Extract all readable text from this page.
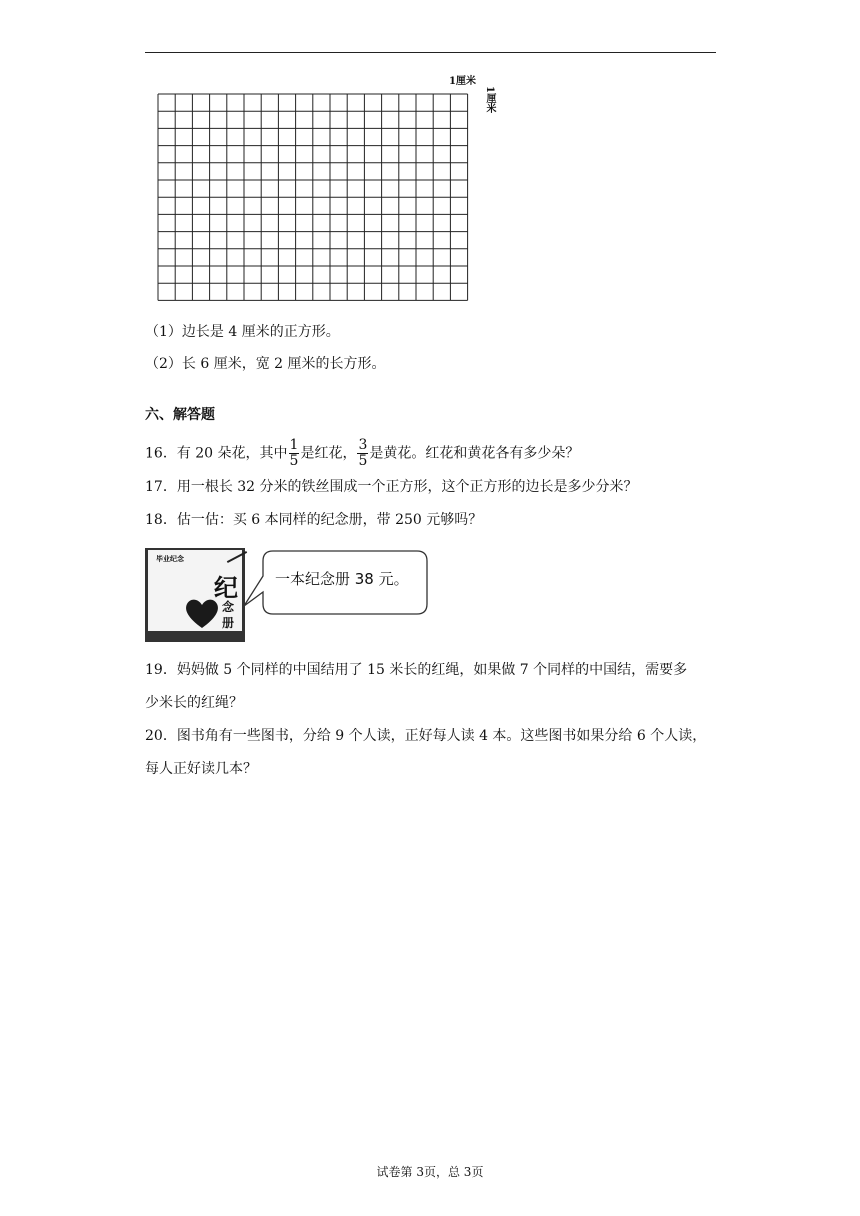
1厘米
1厘米
（1）边长是 4 厘米的正方形。
（2）长 6 厘米，宽 2 厘米的长方形。
六、解答题
16．有 20 朵花，其中 $\frac{1}{5}$ 是红花， $\frac{3}{5}$ 是黄花。红花和黄花各有多少朵？
17．用一根长 32 分米的铁丝围成一个正方形，这个正方形的边长是多少分米？
18．估一估：买 6 本同样的纪念册，带 250 元够吗？
毕业纪念
纪
念
册
一本纪念册 38 元。
19．妈妈做 5 个同样的中国结用了 15 米长的红绳，如果做 7 个同样的中国结，需要多
少米长的红绳？
20．图书角有一些图书，分给 9 个人读，正好每人读 4 本。这些图书如果分给 6 个人读，
每人正好读几本？
试卷第 3页，总 3页
